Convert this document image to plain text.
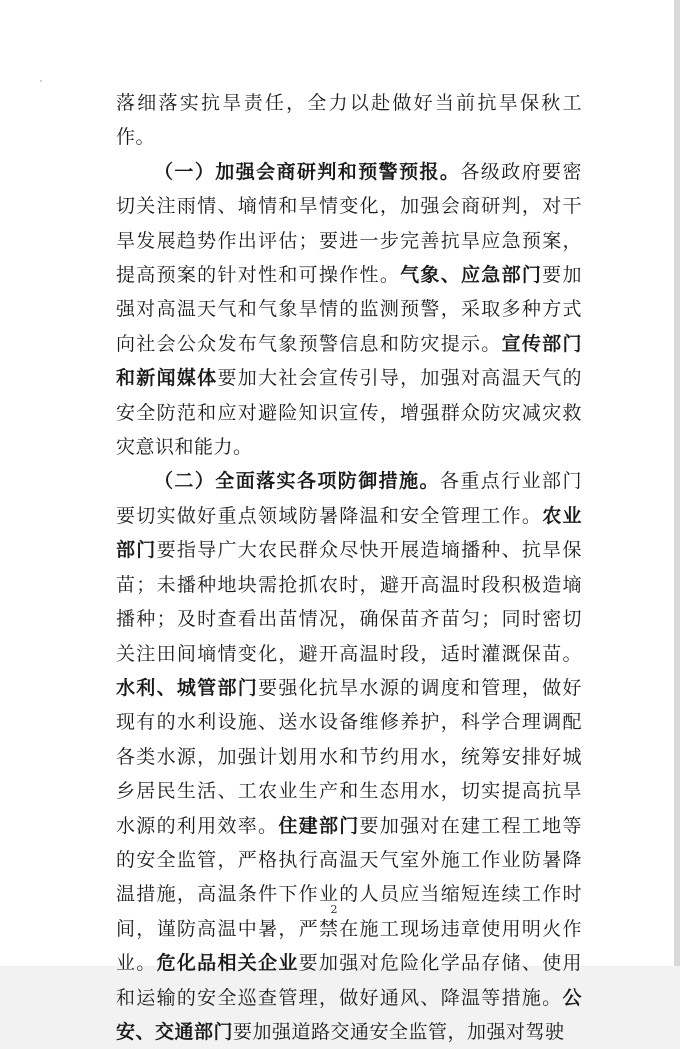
落细落实抗旱责任，全力以赴做好当前抗旱保秋工作。

（一）加强会商研判和预警预报。各级政府要密切关注雨情、墒情和旱情变化，加强会商研判，对干旱发展趋势作出评估；要进一步完善抗旱应急预案，提高预案的针对性和可操作性。气象、应急部门要加强对高温天气和气象旱情的监测预警，采取多种方式向社会公众发布气象预警信息和防灾提示。宣传部门和新闻媒体要加大社会宣传引导，加强对高温天气的安全防范和应对避险知识宣传，增强群众防灾减灾救灾意识和能力。

（二）全面落实各项防御措施。各重点行业部门要切实做好重点领域防暑降温和安全管理工作。农业部门要指导广大农民群众尽快开展造墒播种、抗旱保苗；未播种地块需抢抓农时，避开高温时段积极造墒播种；及时查看出苗情况，确保苗齐苗匀；同时密切关注田间墒情变化，避开高温时段，适时灌溉保苗。水利、城管部门要强化抗旱水源的调度和管理，做好现有的水利设施、送水设备维修养护，科学合理调配各类水源，加强计划用水和节约用水，统筹安排好城乡居民生活、工农业生产和生态用水，切实提高抗旱水源的利用效率。住建部门要加强对在建工程工地等的安全监管，严格执行高温天气室外施工作业防暑降温措施，高温条件下作业的人员应当缩短连续工作时间，谨防高温中暑，严禁在施工现场违章使用明火作业。危化品相关企业要加强对危险化学品存储、使用和运输的安全巡查管理，做好通风、降温等措施。公安、交通部门要加强道路交通安全监管，加强对驾驶

2
